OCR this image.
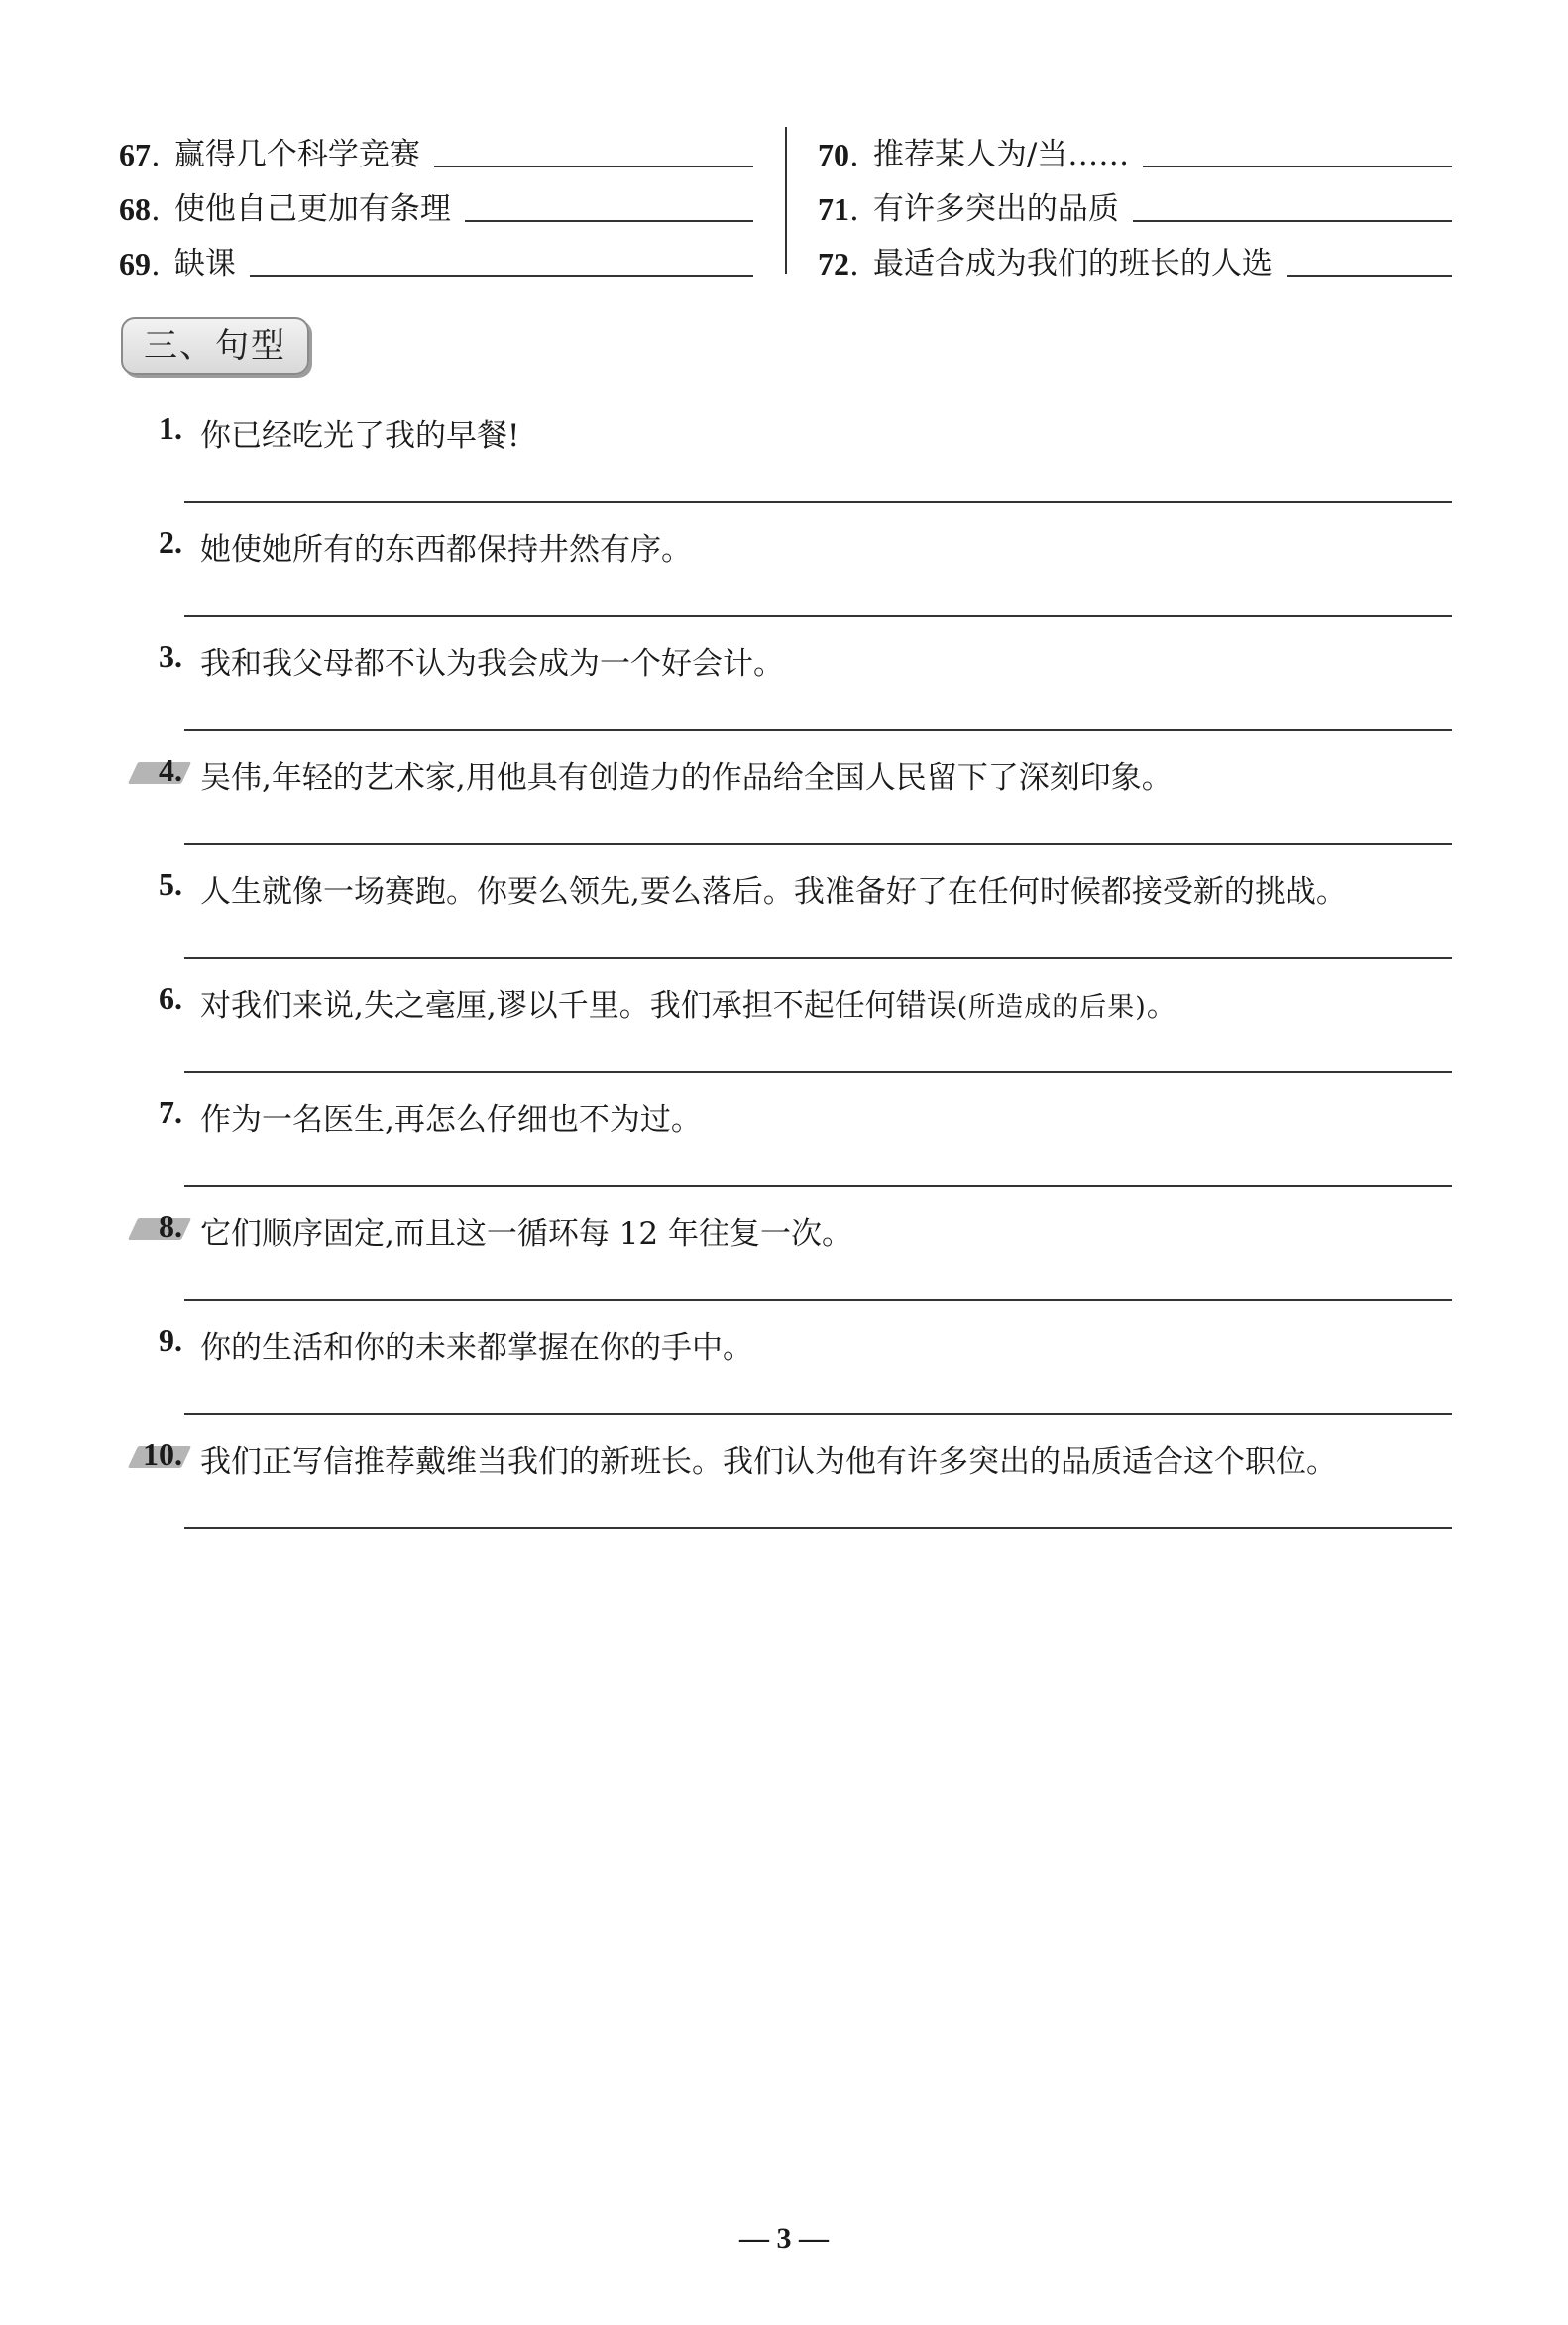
67 . 赢得几个科学竞赛
68 . 使他自己更加有条理
69 . 缺课
70 . 推荐某人为/当……
71 . 有许多突出的品质
72 . 最适合成为我们的班长的人选
三、句型
1. 你已经吃光了我的早餐!
2. 她使她所有的东西都保持井然有序。
3. 我和我父母都不认为我会成为一个好会计。
4. 吴伟,年轻的艺术家,用他具有创造力的作品给全国人民留下了深刻印象。
5. 人生就像一场赛跑。你要么领先,要么落后。我准备好了在任何时候都接受新的挑战。
6. 对我们来说,失之毫厘,谬以千里。我们承担不起任何错误(所造成的后果)。
7. 作为一名医生,再怎么仔细也不为过。
8. 它们顺序固定,而且这一循环每 12 年往复一次。
9. 你的生活和你的未来都掌握在你的手中。
10. 我们正写信推荐戴维当我们的新班长。我们认为他有许多突出的品质适合这个职位。
— 3 —
